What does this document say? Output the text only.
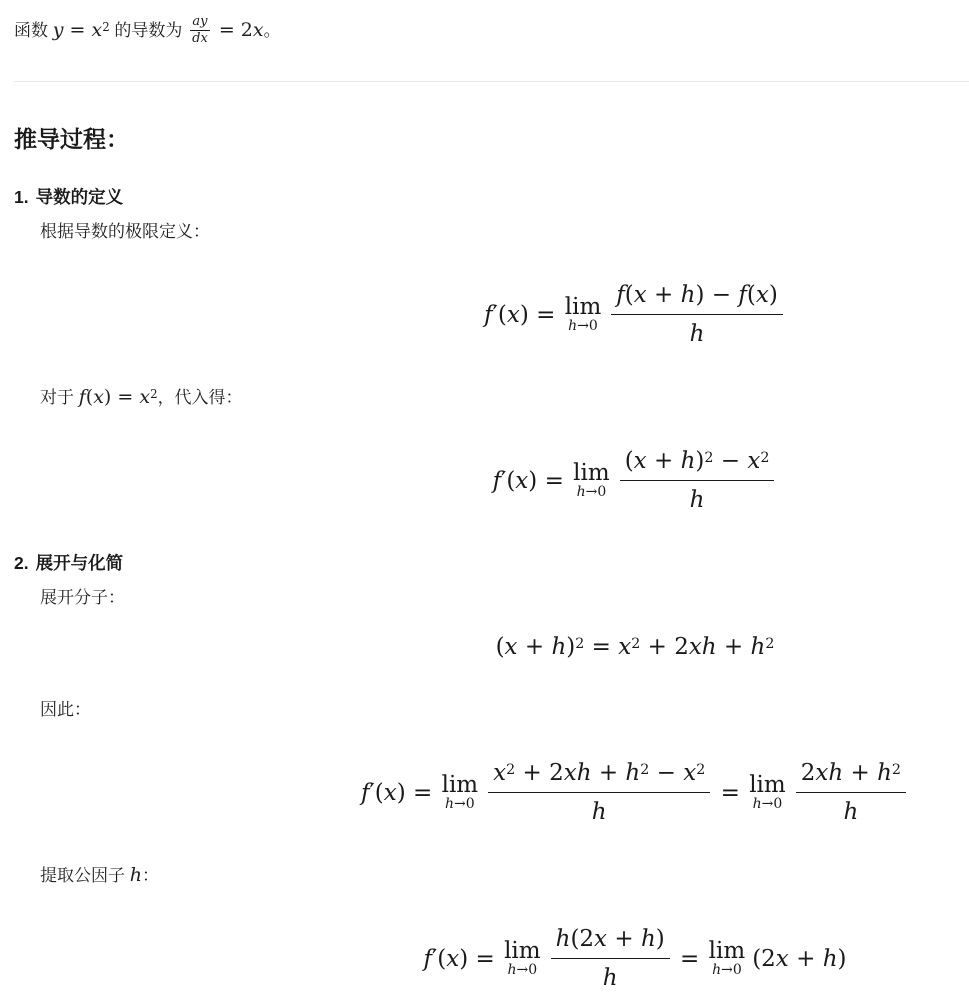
函数 $y = x^2$ 的导数为 $\frac{ay}{dx} = 2x$。
推导过程：
1. 导数的定义

根据导数的极限定义：

f′(x) = lim
$h\to 0 \frac{f(x + h) - f(x)}{h}$

对于 $f(x) = x^2$，代入得：

f′(x) = lim
$h\to 0 \frac{(x + h)^2 - x^2}{h}$
2. 展开与化简

展开分子：

$(x + h)^2 = x^2 + 2xh + h^2$

因此：

f′(x) = lim
$h\to 0 \frac{x^2 + 2xh + h^2 - x^2}{h} = \lim$
$h\to 0 \frac{2xh + h^2}{h}$

提取公因子 h：

f′(x) = lim
$h\to 0 \frac{h(2x + h)}{h} = \lim$
h→0 (2x + h)
